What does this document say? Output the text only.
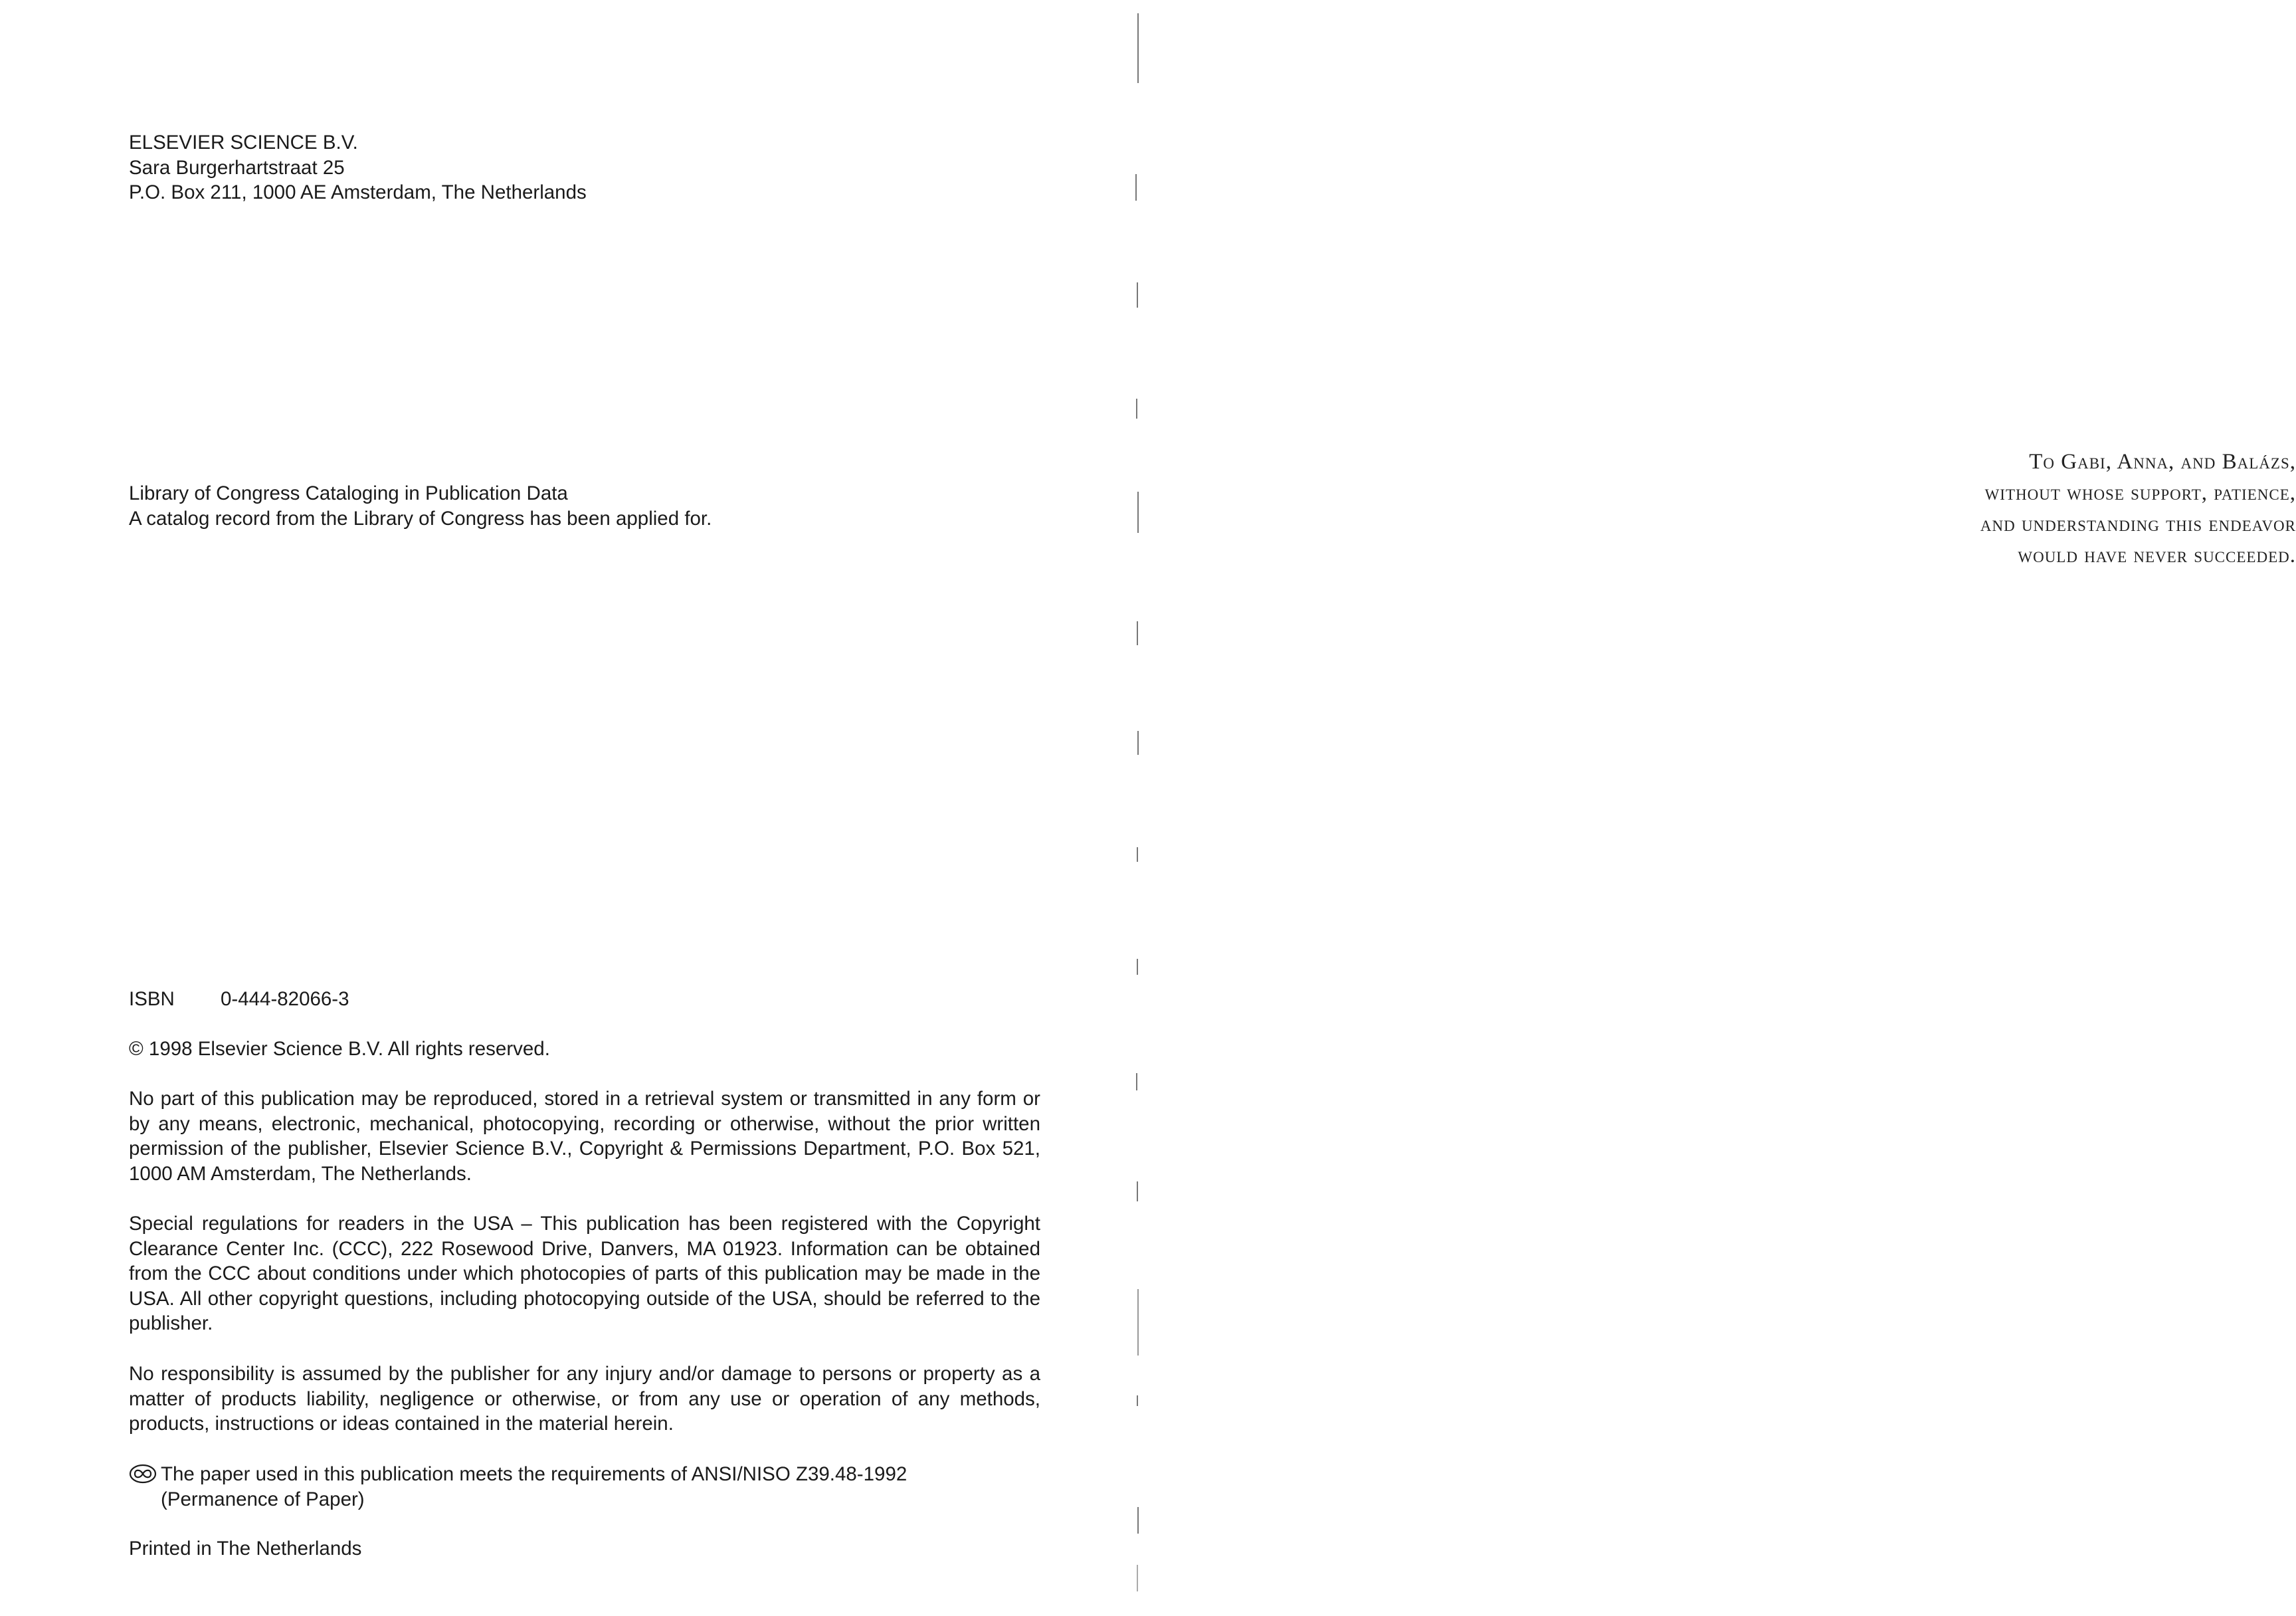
ELSEVIER SCIENCE B.V.
Sara Burgerhartstraat 25
P.O. Box 211, 1000 AE Amsterdam, The Netherlands
Library of Congress Cataloging in Publication Data
A catalog record from the Library of Congress has been applied for.
ISBN 0-444-82066-3
© 1998 Elsevier Science B.V. All rights reserved.
No part of this publication may be reproduced, stored in a retrieval system or transmitted in any form or by any means, electronic, mechanical, photocopying, recording or otherwise, without the prior written permission of the publisher, Elsevier Science B.V., Copyright & Permissions Department, P.O. Box 521, 1000 AM Amsterdam, The Netherlands.
Special regulations for readers in the USA – This publication has been registered with the Copyright Clearance Center Inc. (CCC), 222 Rosewood Drive, Danvers, MA 01923. Information can be obtained from the CCC about conditions under which photocopies of parts of this publication may be made in the USA. All other copyright questions, including photocopying outside of the USA, should be referred to the publisher.
No responsibility is assumed by the publisher for any injury and/or damage to persons or property as a matter of products liability, negligence or otherwise, or from any use or operation of any methods, products, instructions or ideas contained in the material herein.
The paper used in this publication meets the requirements of ANSI/NISO Z39.48-1992
(Permanence of Paper)
Printed in The Netherlands
To Gabi, Anna, and Balázs,
without whose support, patience,
and understanding this endeavor
would have never succeeded.
